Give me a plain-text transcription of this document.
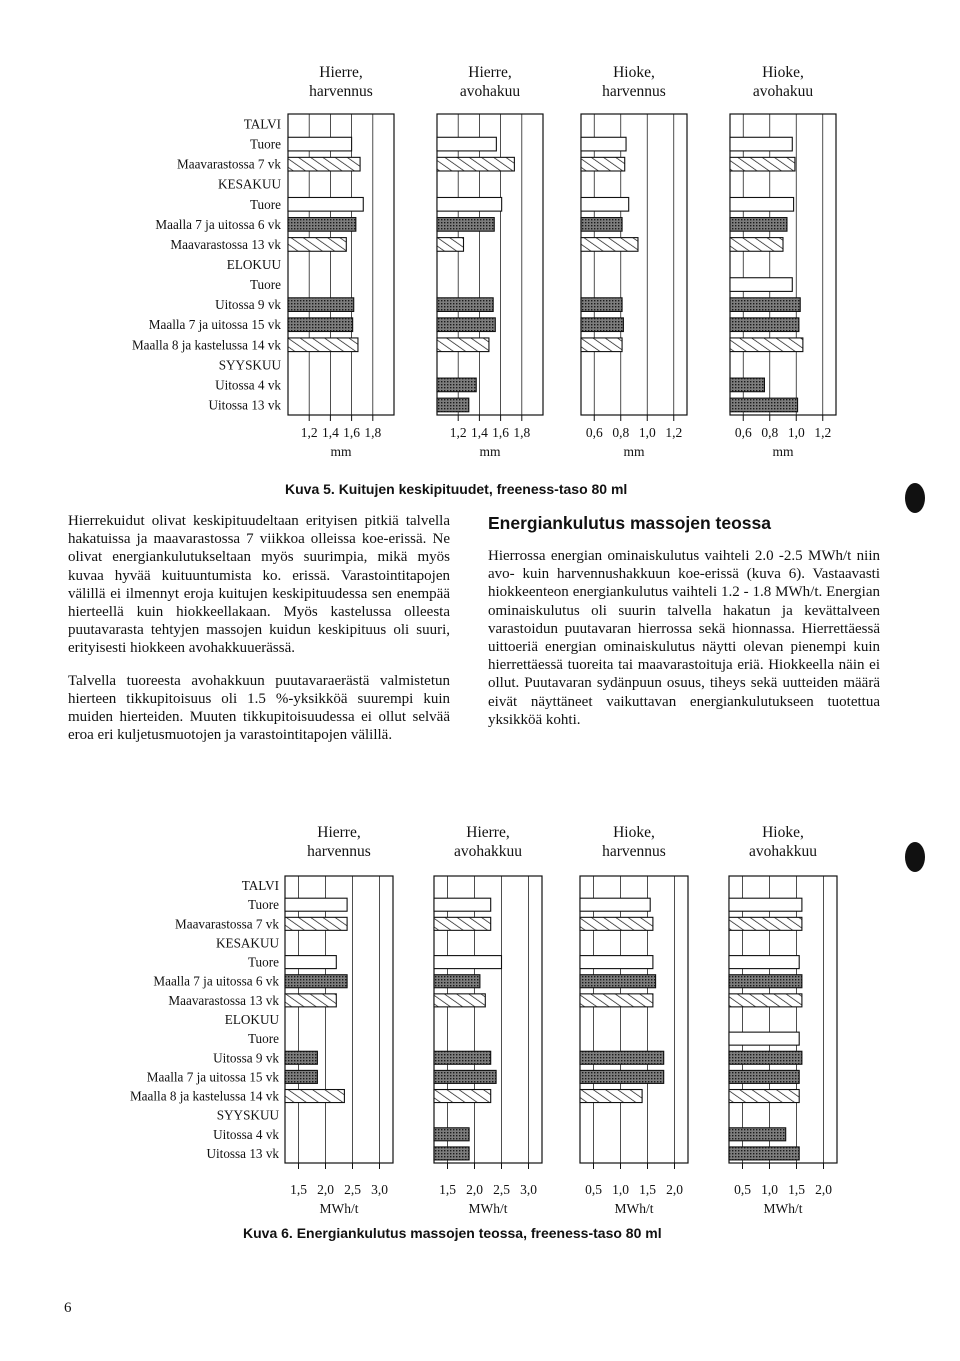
TALVI
Tuore
Maavarastossa 7 vk
KESAKUU
Tuore
Maalla 7 ja uitossa 6 vk
Maavarastossa 13 vk
ELOKUU
Tuore
Uitossa 9 vk
Maalla 7 ja uitossa 15 vk
Maalla 8 ja kastelussa 14 vk
SYYSKUU
Uitossa 4 vk
Uitossa 13 vk
Hierre,
harvennus
1,2 1,4 1,6 1,8
mm
Hierre,
avohakuu
1,2 1,4 1,6 1,8
mm
Hioke,
harvennus
0,6 0,8 1,0 1,2
mm
Hioke,
avohakuu
0,6 0,8 1,0 1,2
mm
Kuva 5. Kuitujen keskipituudet, freeness-taso 80 ml

Hierrekuidut olivat keskipituudeltaan erityisen pitkiä talvella hakatuissa ja maavarastossa 7 viikkoa olleissa koe-erissä. Ne olivat energiankulutukseltaan myös suurimpia, mikä myös kuvaa hyvää kuituuntumista ko. erissä. Varastointitapojen välillä ei ilmennyt eroja kuitujen keskipituudessa sen enempää hierteellä kuin hiokkeellakaan. Myös kastelussa olleesta puutavarasta tehtyjen massojen kuidun keskipituus oli suuri, erityisesti hiokkeen avohakkuuerässä.

Talvella tuoreesta avohakkuun puutavaraerästä valmistetun hierteen tikkupitoisuus oli 1.5 %-yksikköä suurempi kuin muiden hierteiden. Muuten tikkupitoisuudessa ei ollut selvää eroa eri kuljetusmuotojen ja varastointitapojen välillä.

Energiankulutus massojen teossa

Hierrossa energian ominaiskulutus vaihteli 2.0 -2.5 MWh/t niin avo- kuin harvennushakkuun koe-erissä (kuva 6). Vastaavasti hiokkeenteon energiankulutus vaihteli 1.2 - 1.8 MWh/t. Energian ominaiskulutus oli suurin talvella hakatun ja kevättalveen varastoidun puutavaran hierrossa sekä hionnassa. Hierrettäessä uittoeriä energian ominaiskulutus näytti olevan pienempi kuin hierrettäessä tuoreita tai maavarastoituja eriä. Hiokkeella näin ei ollut. Puutavaran sydänpuun osuus, tiheys sekä uutteiden määrä eivät näyttäneet vaikuttavan energiankulutukseen tuotettua yksikköä kohti.

TALVI
Tuore
Maavarastossa 7 vk
KESAKUU
Tuore
Maalla 7 ja uitossa 6 vk
Maavarastossa 13 vk
ELOKUU
Tuore
Uitossa 9 vk
Maalla 7 ja uitossa 15 vk
Maalla 8 ja kastelussa 14 vk
SYYSKUU
Uitossa 4 vk
Uitossa 13 vk
Hierre,
harvennus
1,5 2,0 2,5 3,0
MWh/t
Hierre,
avohakkuu
1,5 2,0 2,5 3,0
MWh/t
Hioke,
harvennus
0,5 1,0 1,5 2,0
MWh/t
Hioke,
avohakkuu
0,5 1,0 1,5 2,0
MWh/t
Kuva 6. Energiankulutus massojen teossa, freeness-taso 80 ml
6
